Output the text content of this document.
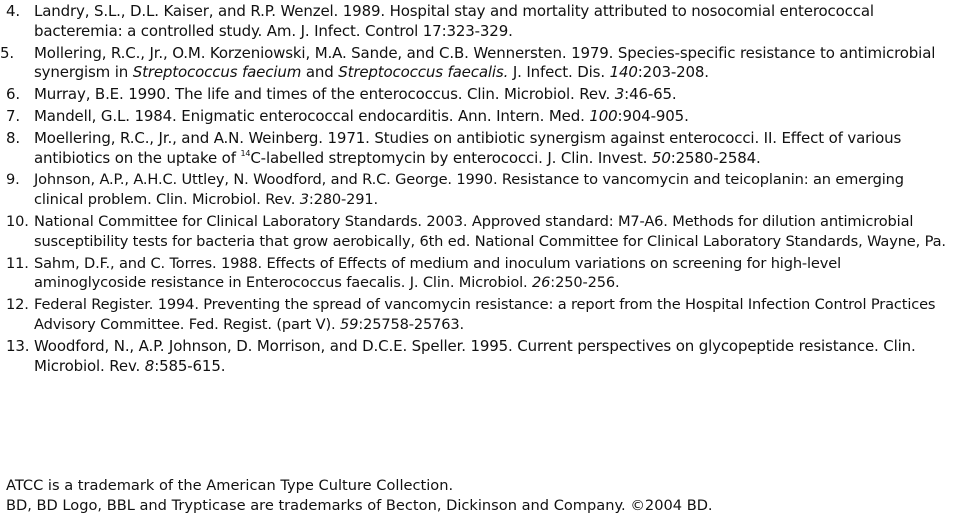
4. Landry, S.L., D.L. Kaiser, and R.P. Wenzel. 1989. Hospital stay and mortality attributed to nosocomial enterococcal bacteremia: a controlled study. Am. J. Infect. Control 17:323-329.
5. Mollering, R.C., Jr., O.M. Korzeniowski, M.A. Sande, and C.B. Wennersten. 1979. Species-specific resistance to antimicrobial synergism in Streptococcus faecium and Streptococcus faecalis. J. Infect. Dis. 140:203-208.
6. Murray, B.E. 1990. The life and times of the enterococcus. Clin. Microbiol. Rev. 3:46-65.
7. Mandell, G.L. 1984. Enigmatic enterococcal endocarditis. Ann. Intern. Med. 100:904-905.
8. Moellering, R.C., Jr., and A.N. Weinberg. 1971. Studies on antibiotic synergism against enterococci. II. Effect of various antibiotics on the uptake of $^{14}$C-labelled streptomycin by enterococci. J. Clin. Invest. 50:2580-2584.
9. Johnson, A.P., A.H.C. Uttley, N. Woodford, and R.C. George. 1990. Resistance to vancomycin and teicoplanin: an emerging clinical problem. Clin. Microbiol. Rev. 3:280-291.
10. National Committee for Clinical Laboratory Standards. 2003. Approved standard: M7-A6. Methods for dilution antimicrobial susceptibility tests for bacteria that grow aerobically, 6th ed. National Committee for Clinical Laboratory Standards, Wayne, Pa.
11. Sahm, D.F., and C. Torres. 1988. Effects of Effects of medium and inoculum variations on screening for high-level aminoglycoside resistance in Enterococcus faecalis. J. Clin. Microbiol. 26:250-256.
12. Federal Register. 1994. Preventing the spread of vancomycin resistance: a report from the Hospital Infection Control Practices Advisory Committee. Fed. Regist. (part V). 59:25758-25763.
13. Woodford, N., A.P. Johnson, D. Morrison, and D.C.E. Speller. 1995. Current perspectives on glycopeptide resistance. Clin. Microbiol. Rev. 8:585-615.
ATCC is a trademark of the American Type Culture Collection.
BD, BD Logo, BBL and Trypticase are trademarks of Becton, Dickinson and Company. ©2004 BD.
